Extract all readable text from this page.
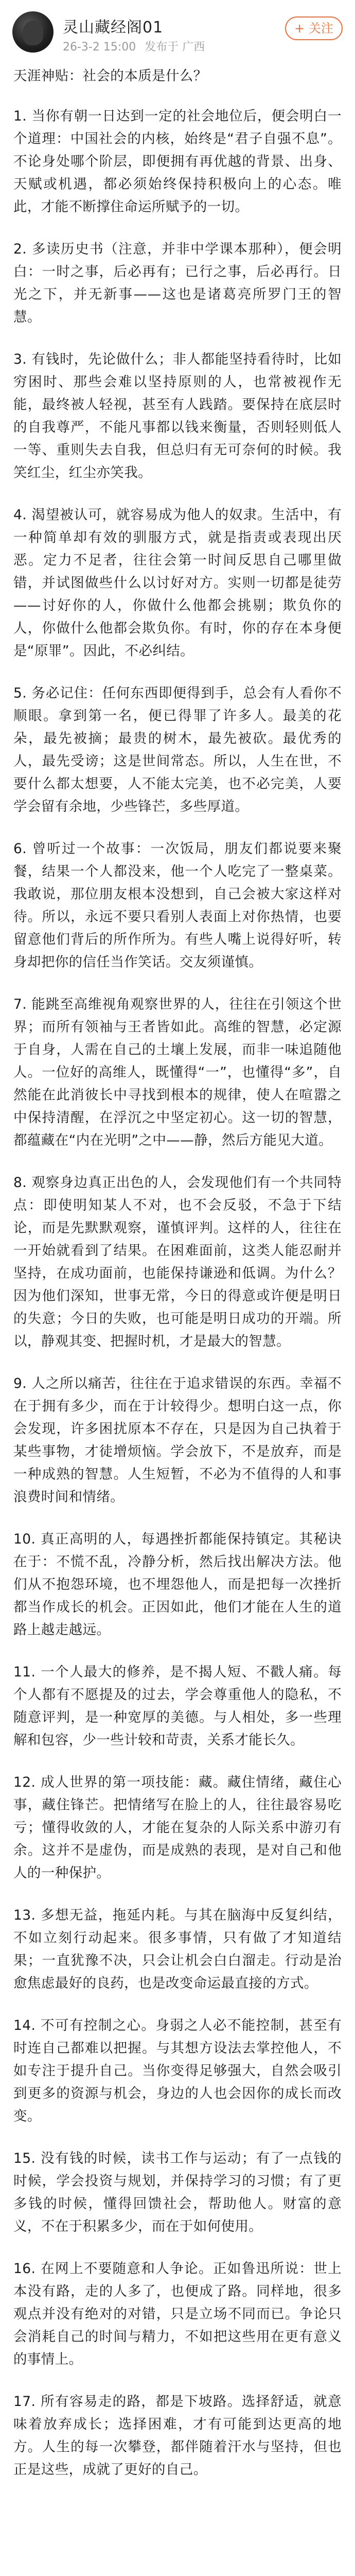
灵山藏经阁01
26-3-2 15:00 发布于 广西
+ 关注

天涯神贴：社会的本质是什么？

1. 当你有朝一日达到一定的社会地位后，便会明白一个道理：中国社会的内核，始终是“君子自强不息”。不论身处哪个阶层，即便拥有再优越的背景、出身、天赋或机遇，都必须始终保持积极向上的心态。唯此，才能不断撑住命运所赋予的一切。

2. 多读历史书（注意，并非中学课本那种），便会明白：一时之事，后必再有；已行之事，后必再行。日光之下，并无新事——这也是诸葛亮所罗门王的智慧。

3. 有钱时，先论做什么；非人都能坚持看待时，比如穷困时、那些会难以坚持原则的人，也常被视作无能，最终被人轻视，甚至有人践踏。要保持在底层时的自我尊严，不能凡事都以钱来衡量，否则轻则低人一等、重则失去自我，但总归有无可奈何的时候。我笑红尘，红尘亦笑我。

4. 渴望被认可，就容易成为他人的奴隶。生活中，有一种简单却有效的驯服方式，就是指责或表现出厌恶。定力不足者，往往会第一时间反思自己哪里做错，并试图做些什么以讨好对方。实则一切都是徒劳——讨好你的人，你做什么他都会挑剔；欺负你的人，你做什么他都会欺负你。有时，你的存在本身便是“原罪”。因此，不必纠结。

5. 务必记住：任何东西即便得到手，总会有人看你不顺眼。拿到第一名，便已得罪了许多人。最美的花朵，最先被摘；最贵的树木，最先被砍。最优秀的人，最先受谤；这是世间常态。所以，人生在世，不要什么都太想要，人不能太完美，也不必完美，人要学会留有余地，少些锋芒，多些厚道。

6. 曾听过一个故事：一次饭局，朋友们都说要来聚餐，结果一个人都没来，他一个人吃完了一整桌菜。我敢说，那位朋友根本没想到，自己会被大家这样对待。所以，永远不要只看别人表面上对你热情，也要留意他们背后的所作所为。有些人嘴上说得好听，转身却把你的信任当作笑话。交友须谨慎。

7. 能跳至高维视角观察世界的人，往往在引领这个世界；而所有领袖与王者皆如此。高维的智慧，必定源于自身，人需在自己的土壤上发展，而非一味追随他人。一位好的高维人，既懂得“一”，也懂得“多”，自然能在此消彼长中寻找到根本的规律，使人在喧嚣之中保持清醒，在浮沉之中坚定初心。这一切的智慧，都蕴藏在“内在光明”之中——静，然后方能见大道。

8. 观察身边真正出色的人，会发现他们有一个共同特点：即使明知某人不对，也不会反驳，不急于下结论，而是先默默观察，谨慎评判。这样的人，往往在一开始就看到了结果。在困难面前，这类人能忍耐并坚持，在成功面前，也能保持谦逊和低调。为什么？因为他们深知，世事无常，今日的得意或许便是明日的失意；今日的失败，也可能是明日成功的开端。所以，静观其变、把握时机，才是最大的智慧。

9. 人之所以痛苦，往往在于追求错误的东西。幸福不在于拥有多少，而在于计较得少。想明白这一点，你会发现，许多困扰原本不存在，只是因为自己执着于某些事物，才徒增烦恼。学会放下，不是放弃，而是一种成熟的智慧。人生短暂，不必为不值得的人和事浪费时间和情绪。

10. 真正高明的人，每遇挫折都能保持镇定。其秘诀在于：不慌不乱，冷静分析，然后找出解决方法。他们从不抱怨环境，也不埋怨他人，而是把每一次挫折都当作成长的机会。正因如此，他们才能在人生的道路上越走越远。

11. 一个人最大的修养，是不揭人短、不戳人痛。每个人都有不愿提及的过去，学会尊重他人的隐私，不随意评判，是一种宽厚的美德。与人相处，多一些理解和包容，少一些计较和苛责，关系才能长久。

12. 成人世界的第一项技能：藏。藏住情绪，藏住心事，藏住锋芒。把情绪写在脸上的人，往往最容易吃亏；懂得收敛的人，才能在复杂的人际关系中游刃有余。这并不是虚伪，而是成熟的表现，是对自己和他人的一种保护。

13. 多想无益，拖延内耗。与其在脑海中反复纠结，不如立刻行动起来。很多事情，只有做了才知道结果；一直犹豫不决，只会让机会白白溜走。行动是治愈焦虑最好的良药，也是改变命运最直接的方式。

14. 不可有控制之心。身弱之人必不能控制，甚至有时连自己都难以把握。与其想方设法去掌控他人，不如专注于提升自己。当你变得足够强大，自然会吸引到更多的资源与机会，身边的人也会因你的成长而改变。

15. 没有钱的时候，读书工作与运动；有了一点钱的时候，学会投资与规划，并保持学习的习惯；有了更多钱的时候，懂得回馈社会，帮助他人。财富的意义，不在于积累多少，而在于如何使用。

16. 在网上不要随意和人争论。正如鲁迅所说：世上本没有路，走的人多了，也便成了路。同样地，很多观点并没有绝对的对错，只是立场不同而已。争论只会消耗自己的时间与精力，不如把这些用在更有意义的事情上。

17. 所有容易走的路，都是下坡路。选择舒适，就意味着放弃成长；选择困难，才有可能到达更高的地方。人生的每一次攀登，都伴随着汗水与坚持，但也正是这些，成就了更好的自己。
